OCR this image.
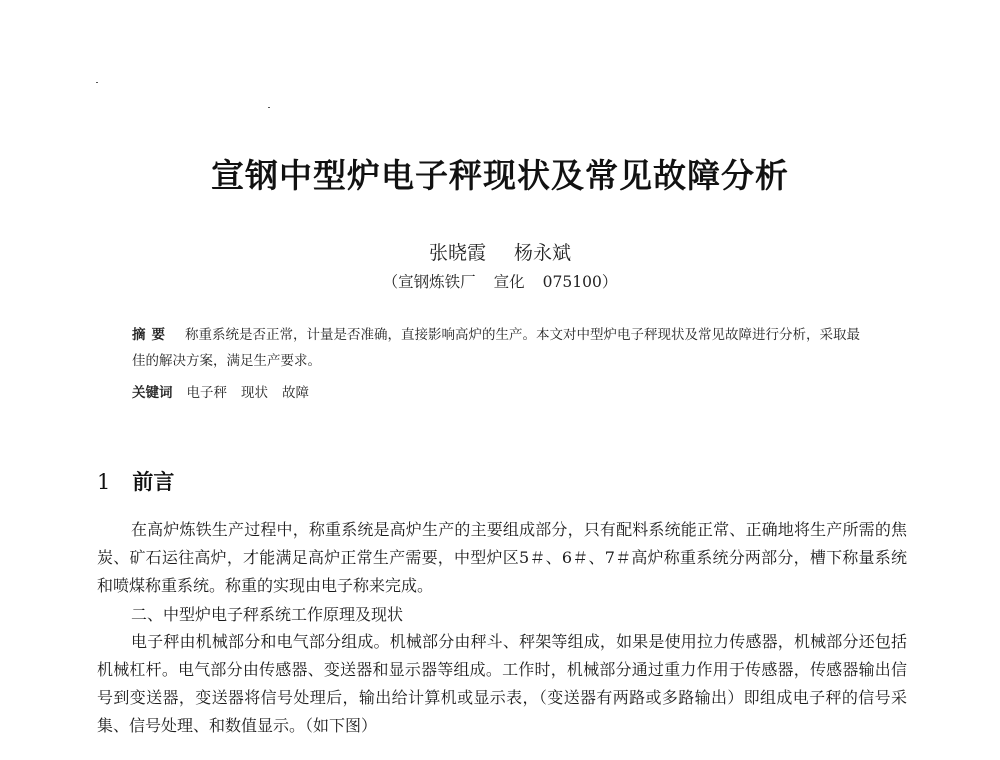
宣钢中型炉电子秤现状及常见故障分析
张晓霞 杨永斌
（宣钢炼铁厂 宣化 075100）
摘要 称重系统是否正常，计量是否准确，直接影响高炉的生产。本文对中型炉电子秤现状及常见故障进行分析，采取最佳的解决方案，满足生产要求。
关键词 电子秤 现状 故障
1 前言
在高炉炼铁生产过程中，称重系统是高炉生产的主要组成部分，只有配料系统能正常、正确地将生产所需的焦炭、矿石运往高炉，才能满足高炉正常生产需要，中型炉区5＃、6＃、7＃高炉称重系统分两部分，槽下称量系统和喷煤称重系统。称重的实现由电子称来完成。
二、中型炉电子秤系统工作原理及现状
电子秤由机械部分和电气部分组成。机械部分由秤斗、秤架等组成，如果是使用拉力传感器，机械部分还包括机械杠杆。电气部分由传感器、变送器和显示器等组成。工作时，机械部分通过重力作用于传感器，传感器输出信号到变送器，变送器将信号处理后，输出给计算机或显示表，（变送器有两路或多路输出）即组成电子秤的信号采集、信号处理、和数值显示。（如下图）
